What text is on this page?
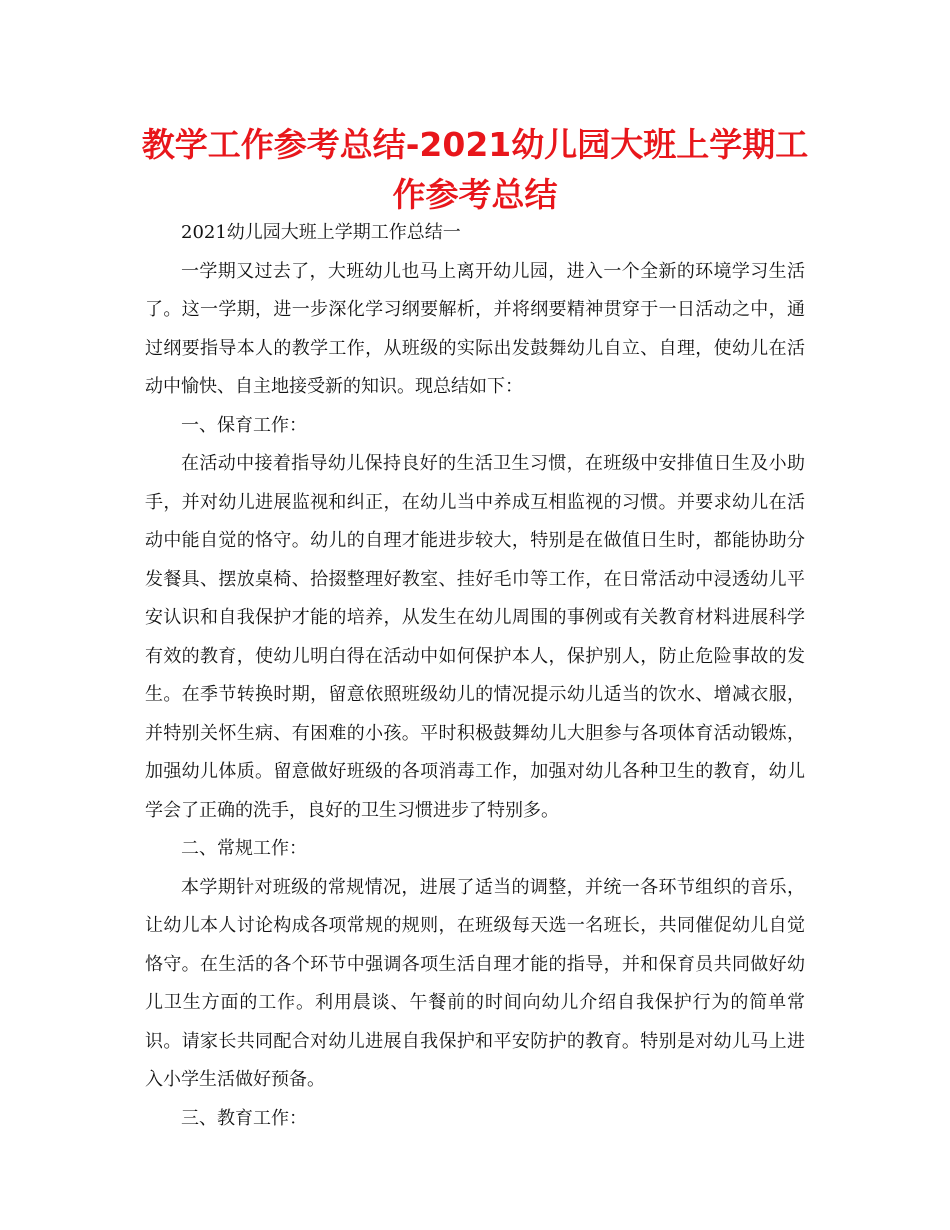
教学工作参考总结-2021幼儿园大班上学期工作参考总结

2021幼儿园大班上学期工作总结一

一学期又过去了，大班幼儿也马上离开幼儿园，进入一个全新的环境学习生活了。这一学期，进一步深化学习纲要解析，并将纲要精神贯穿于一日活动之中，通过纲要指导本人的教学工作，从班级的实际出发鼓舞幼儿自立、自理，使幼儿在活动中愉快、自主地接受新的知识。现总结如下：

一、保育工作：

在活动中接着指导幼儿保持良好的生活卫生习惯，在班级中安排值日生及小助手，并对幼儿进展监视和纠正，在幼儿当中养成互相监视的习惯。并要求幼儿在活动中能自觉的恪守。幼儿的自理才能进步较大，特别是在做值日生时，都能协助分发餐具、摆放桌椅、拾掇整理好教室、挂好毛巾等工作，在日常活动中浸透幼儿平安认识和自我保护才能的培养，从发生在幼儿周围的事例或有关教育材料进展科学有效的教育，使幼儿明白得在活动中如何保护本人，保护别人，防止危险事故的发生。在季节转换时期，留意依照班级幼儿的情况提示幼儿适当的饮水、增减衣服，并特别关怀生病、有困难的小孩。平时积极鼓舞幼儿大胆参与各项体育活动锻炼，加强幼儿体质。留意做好班级的各项消毒工作，加强对幼儿各种卫生的教育，幼儿学会了正确的洗手，良好的卫生习惯进步了特别多。

二、常规工作：

本学期针对班级的常规情况，进展了适当的调整，并统一各环节组织的音乐，让幼儿本人讨论构成各项常规的规则，在班级每天选一名班长，共同催促幼儿自觉恪守。在生活的各个环节中强调各项生活自理才能的指导，并和保育员共同做好幼儿卫生方面的工作。利用晨谈、午餐前的时间向幼儿介绍自我保护行为的简单常识。请家长共同配合对幼儿进展自我保护和平安防护的教育。特别是对幼儿马上进入小学生活做好预备。

三、教育工作：
